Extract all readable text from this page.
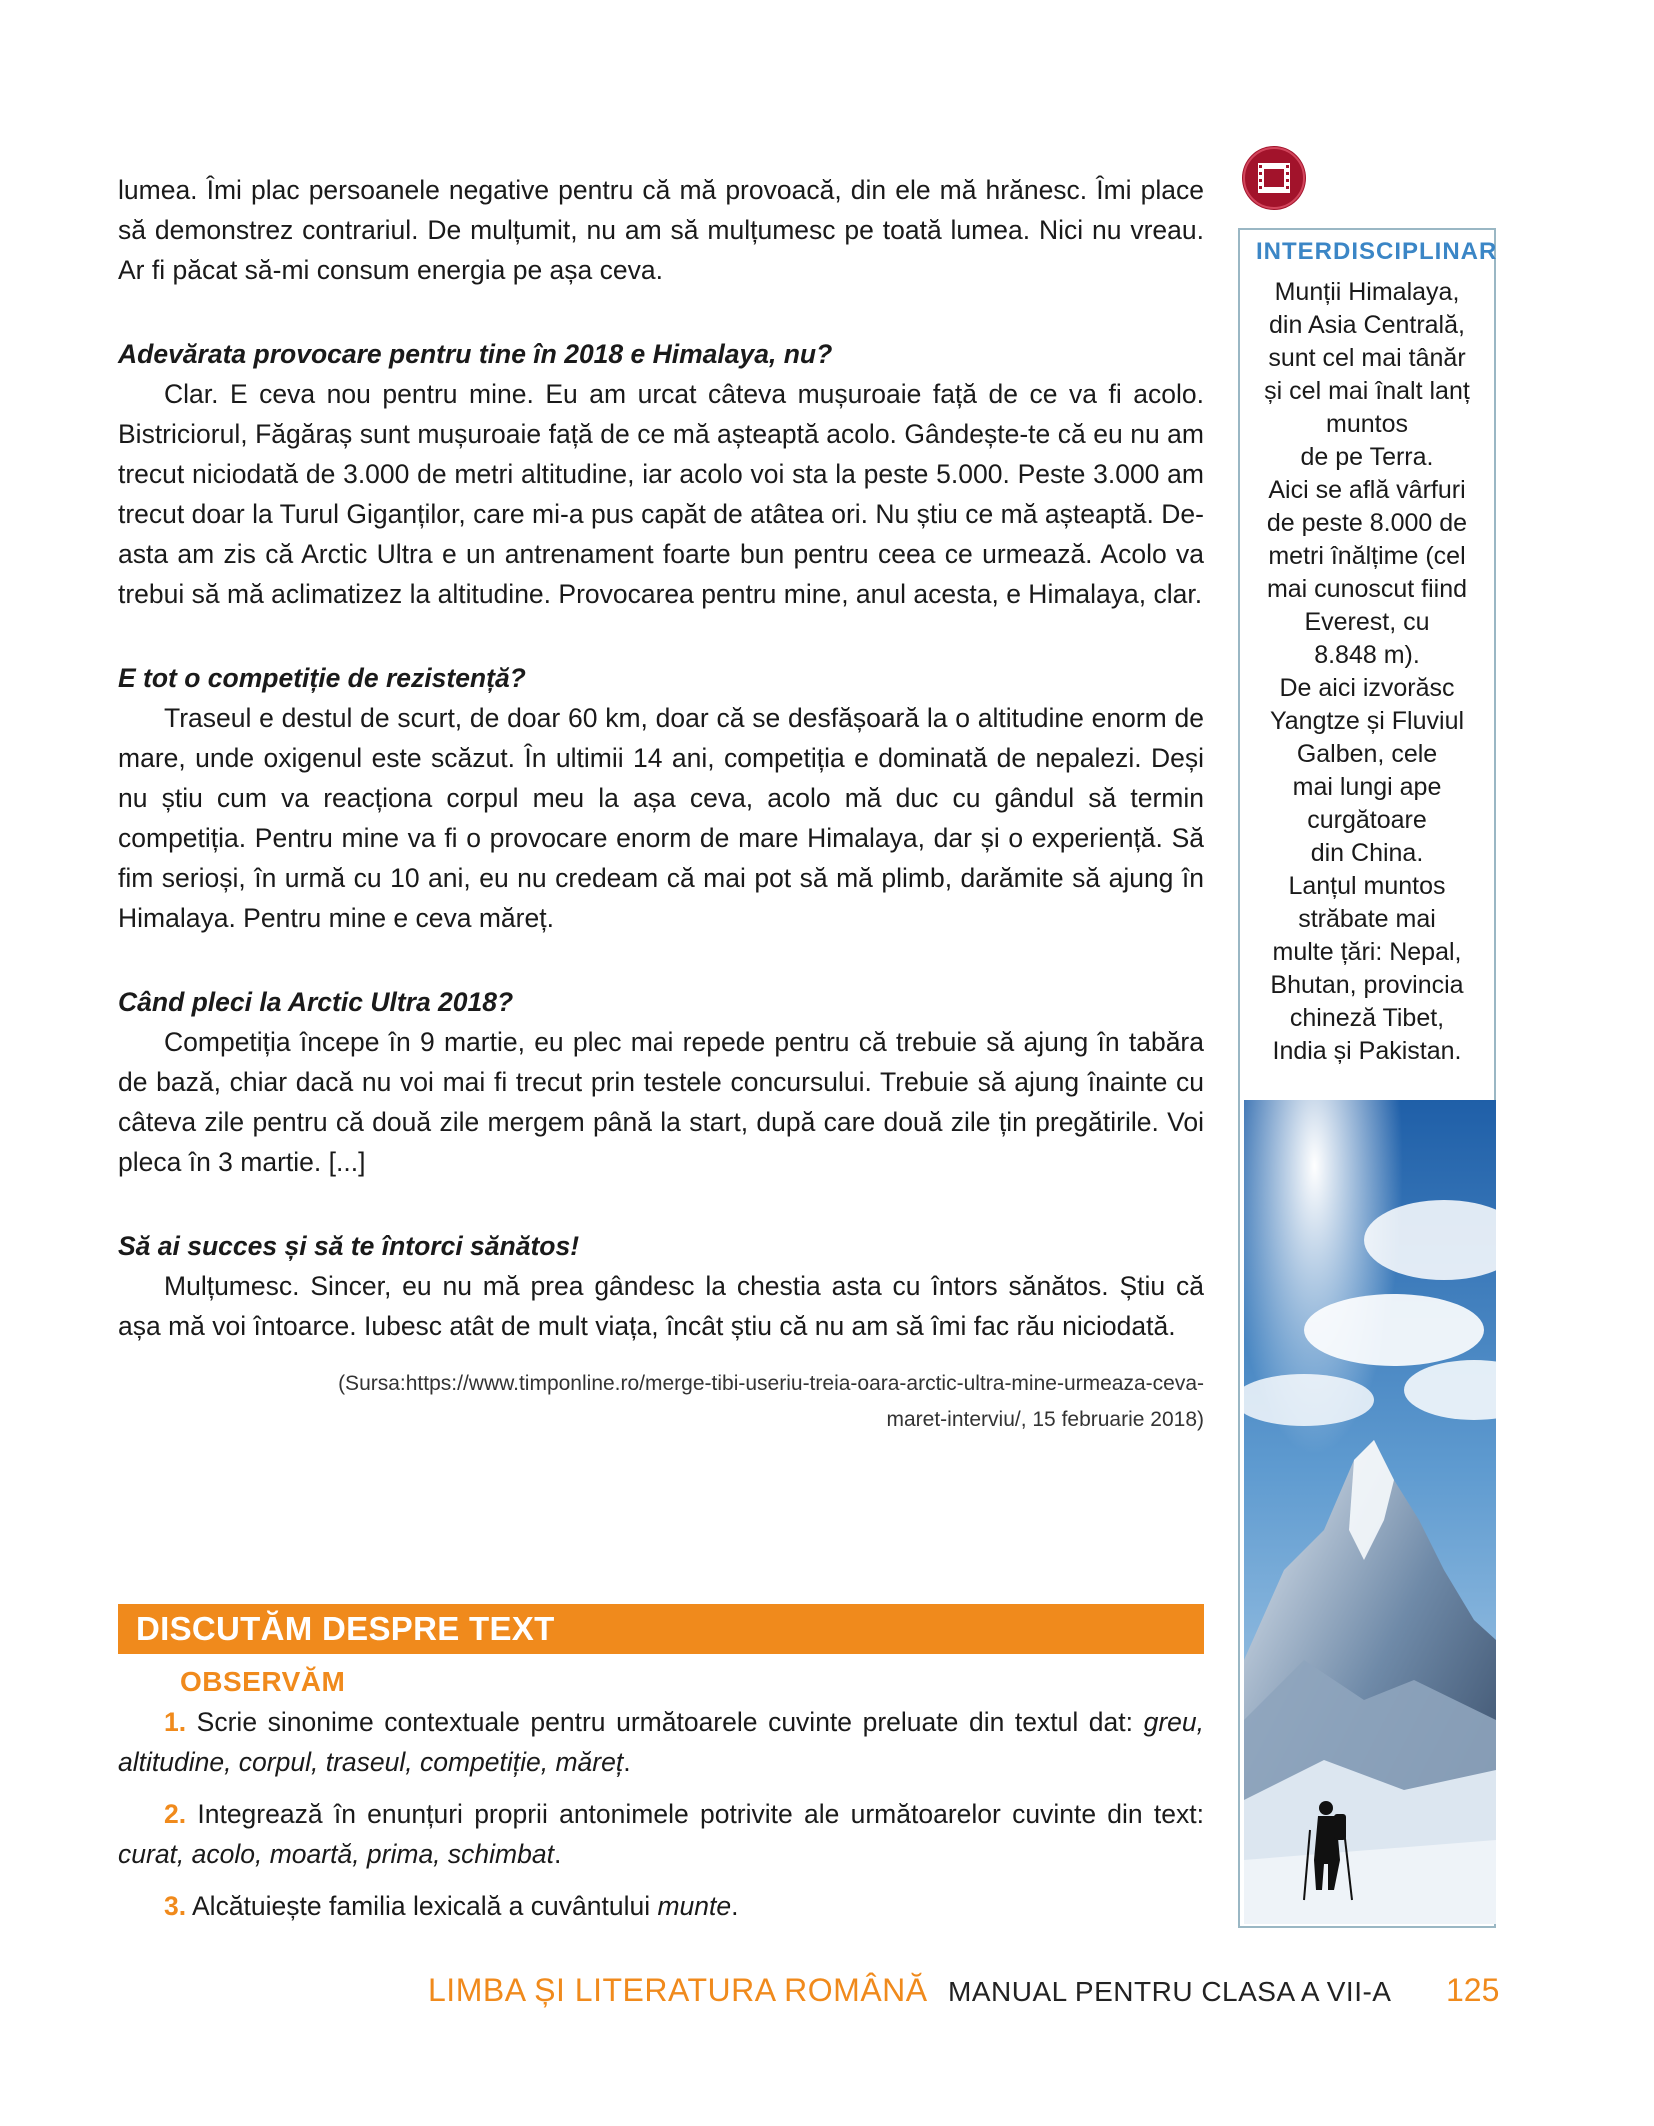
lumea. Îmi plac persoanele negative pentru că mă provoacă, din ele mă hrănesc. Îmi place să demonstrez contrariul. De mulțumit, nu am să mulțumesc pe toată lumea. Nici nu vreau. Ar fi păcat să-mi consum energia pe așa ceva.

Adevărata provocare pentru tine în 2018 e Himalaya, nu?

Clar. E ceva nou pentru mine. Eu am urcat câteva mușuroaie față de ce va fi acolo. Bistriciorul, Făgăraș sunt mușuroaie față de ce mă așteaptă acolo. Gândește-te că eu nu am trecut niciodată de 3.000 de metri altitudine, iar acolo voi sta la peste 5.000. Peste 3.000 am trecut doar la Turul Giganților, care mi-a pus capăt de atâtea ori. Nu știu ce mă așteaptă. De-asta am zis că Arctic Ultra e un antrenament foarte bun pentru ceea ce urmează. Acolo va trebui să mă aclimatizez la altitudine. Provocarea pentru mine, anul acesta, e Himalaya, clar.

E tot o competiție de rezistență?

Traseul e destul de scurt, de doar 60 km, doar că se desfășoară la o altitudine enorm de mare, unde oxigenul este scăzut. În ultimii 14 ani, competiția e dominată de nepalezi. Deși nu știu cum va reacționa corpul meu la așa ceva, acolo mă duc cu gândul să termin competiția. Pentru mine va fi o provocare enorm de mare Himalaya, dar și o experiență. Să fim serioși, în urmă cu 10 ani, eu nu credeam că mai pot să mă plimb, darămite să ajung în Himalaya. Pentru mine e ceva măreț.

Când pleci la Arctic Ultra 2018?

Competiția începe în 9 martie, eu plec mai repede pentru că trebuie să ajung în tabăra de bază, chiar dacă nu voi mai fi trecut prin testele concursului. Trebuie să ajung înainte cu câteva zile pentru că două zile mergem până la start, după care două zile țin pregătirile. Voi pleca în 3 martie. [...]

Să ai succes și să te întorci sănătos!

Mulțumesc. Sincer, eu nu mă prea gândesc la chestia asta cu întors sănătos. Știu că așa mă voi întoarce. Iubesc atât de mult viața, încât știu că nu am să îmi fac rău niciodată.

(Sursa:https://www.timponline.ro/merge-tibi-useriu-treia-oara-arctic-ultra-mine-urmeaza-ceva-
maret-interviu/, 15 februarie 2018)
DISCUTĂM DESPRE TEXT
OBSERVĂM

1. Scrie sinonime contextuale pentru următoarele cuvinte preluate din textul dat: greu, altitudine, corpul, traseul, competiție, măreț.

2. Integrează în enunțuri proprii antonimele potrivite ale următoarelor cuvinte din text: curat, acolo, moartă, prima, schimbat.

3. Alcătuiește familia lexicală a cuvântului munte.

INTERDISCIPLINAR
Munții Himalaya,
din Asia Centrală,
sunt cel mai tânăr
și cel mai înalt lanț
muntos
de pe Terra.
Aici se află vârfuri
de peste 8.000 de
metri înălțime (cel
mai cunoscut fiind
Everest, cu
8.848 m).
De aici izvorăsc
Yangtze și Fluviul
Galben, cele
mai lungi ape
curgătoare
din China.
Lanțul muntos
străbate mai
multe țări: Nepal,
Bhutan, provincia
chineză Tibet,
India și Pakistan.
LIMBA ȘI LITERATURA ROMÂNĂ MANUAL PENTRU CLASA A VII-A 125
